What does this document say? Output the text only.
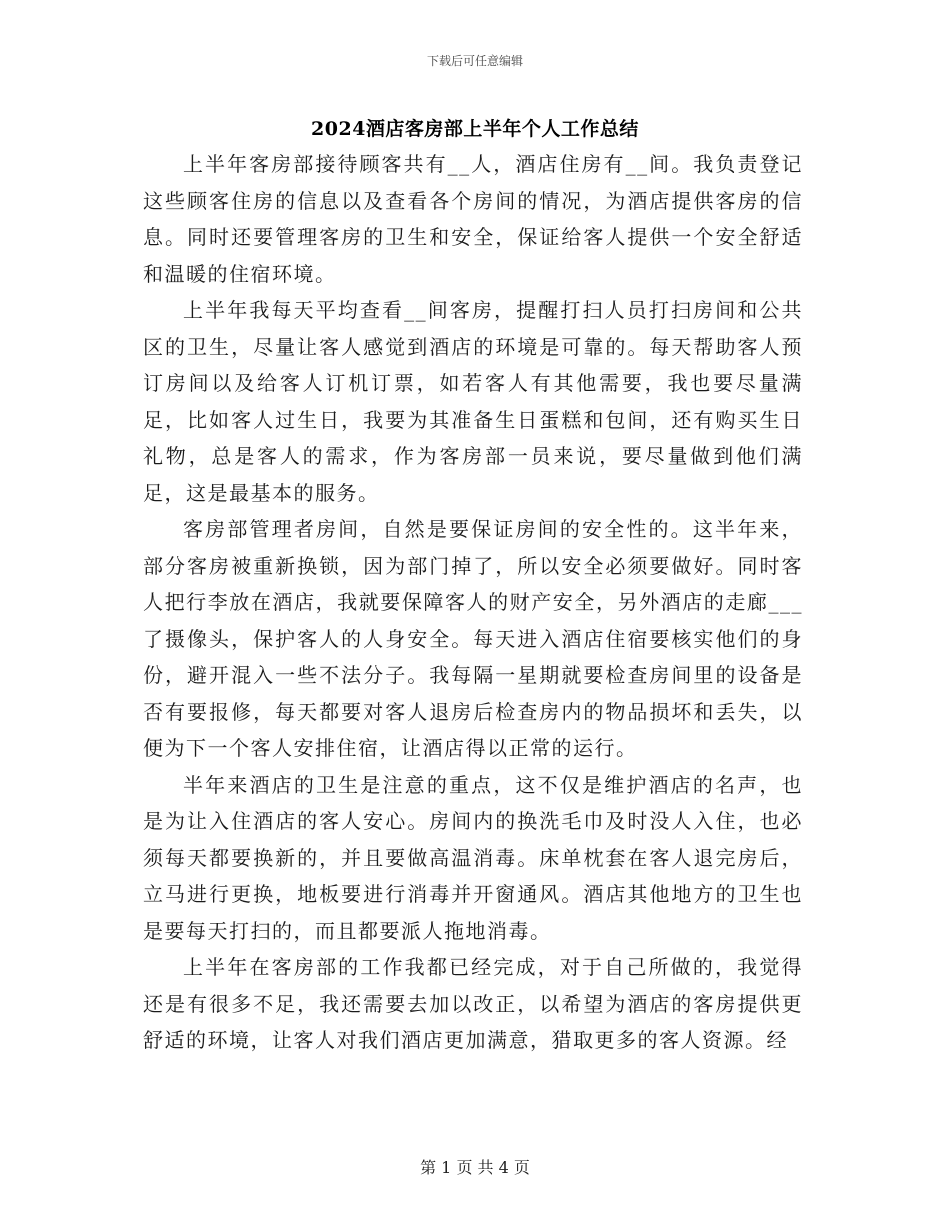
下载后可任意编辑
2024酒店客房部上半年个人工作总结

上半年客房部接待顾客共有__人，酒店住房有__间。我负责登记这些顾客住房的信息以及查看各个房间的情况，为酒店提供客房的信息。同时还要管理客房的卫生和安全，保证给客人提供一个安全舒适和温暖的住宿环境。

上半年我每天平均查看__间客房，提醒打扫人员打扫房间和公共区的卫生，尽量让客人感觉到酒店的环境是可靠的。每天帮助客人预订房间以及给客人订机订票，如若客人有其他需要，我也要尽量满足，比如客人过生日，我要为其准备生日蛋糕和包间，还有购买生日礼物，总是客人的需求，作为客房部一员来说，要尽量做到他们满足，这是最基本的服务。

客房部管理者房间，自然是要保证房间的安全性的。这半年来，部分客房被重新换锁，因为部门掉了，所以安全必须要做好。同时客人把行李放在酒店，我就要保障客人的财产安全，另外酒店的走廊___了摄像头，保护客人的人身安全。每天进入酒店住宿要核实他们的身份，避开混入一些不法分子。我每隔一星期就要检查房间里的设备是否有要报修，每天都要对客人退房后检查房内的物品损坏和丢失，以便为下一个客人安排住宿，让酒店得以正常的运行。

半年来酒店的卫生是注意的重点，这不仅是维护酒店的名声，也是为让入住酒店的客人安心。房间内的换洗毛巾及时没人入住，也必须每天都要换新的，并且要做高温消毒。床单枕套在客人退完房后，立马进行更换，地板要进行消毒并开窗通风。酒店其他地方的卫生也是要每天打扫的，而且都要派人拖地消毒。

上半年在客房部的工作我都已经完成，对于自己所做的，我觉得还是有很多不足，我还需要去加以改正，以希望为酒店的客房提供更舒适的环境，让客人对我们酒店更加满意，猎取更多的客人资源。经

第 1 页 共 4 页
